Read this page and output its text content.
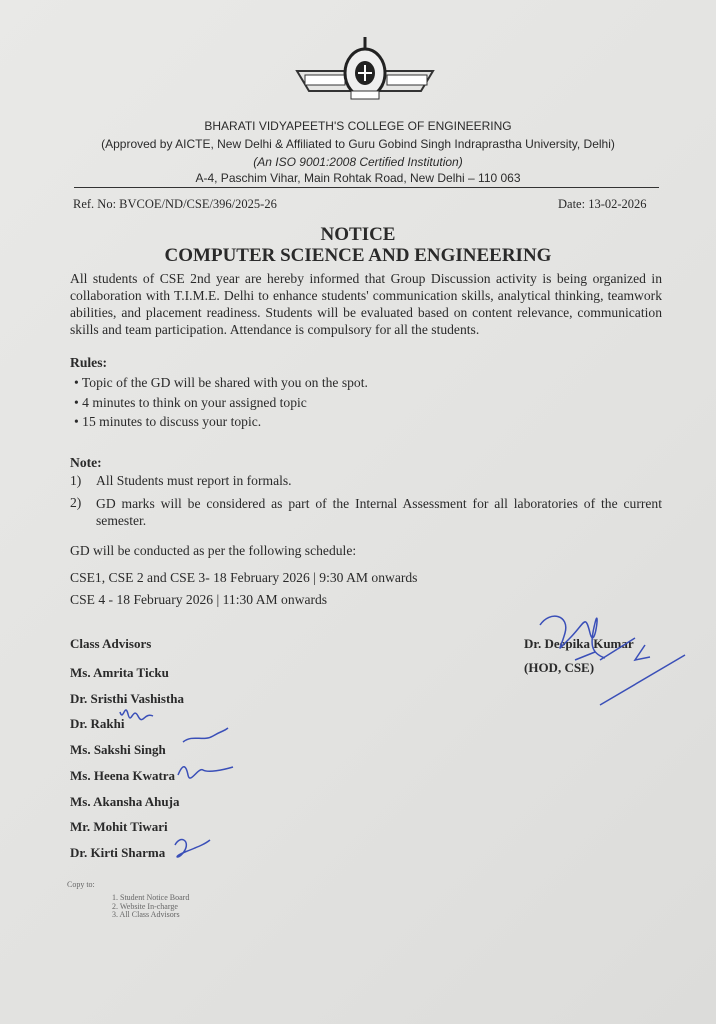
BHARATI VIDYAPEETH'S COLLEGE OF ENGINEERING
(Approved by AICTE, New Delhi & Affiliated to Guru Gobind Singh Indraprastha University, Delhi)
(An ISO 9001:2008 Certified Institution)
A-4, Paschim Vihar, Main Rohtak Road, New Delhi – 110 063
Ref. No: BVCOE/ND/CSE/396/2025-26	Date: 13-02-2026
NOTICE
COMPUTER SCIENCE AND ENGINEERING
All students of CSE 2nd year are hereby informed that Group Discussion activity is being organized in collaboration with T.I.M.E. Delhi to enhance students' communication skills, analytical thinking, teamwork abilities, and placement readiness. Students will be evaluated based on content relevance, communication skills and team participation. Attendance is compulsory for all the students.
Rules:
• Topic of the GD will be shared with you on the spot.
• 4 minutes to think on your assigned topic
• 15 minutes to discuss your topic.
Note:
1) All Students must report in formals.
2) GD marks will be considered as part of the Internal Assessment for all laboratories of the current semester.
GD will be conducted as per the following schedule:
CSE1, CSE 2 and CSE 3- 18 February 2026 | 9:30 AM onwards
CSE 4 - 18 February 2026 | 11:30 AM onwards
Class Advisors
Ms. Amrita Ticku
Dr. Sristhi Vashistha
Dr. Rakhi
Ms. Sakshi Singh
Ms. Heena Kwatra
Ms. Akansha Ahuja
Mr. Mohit Tiwari
Dr. Kirti Sharma
Dr. Deepika Kumar
(HOD, CSE)
Copy to:
1. Student Notice Board
2. Website In-charge
3. All Class Advisors
